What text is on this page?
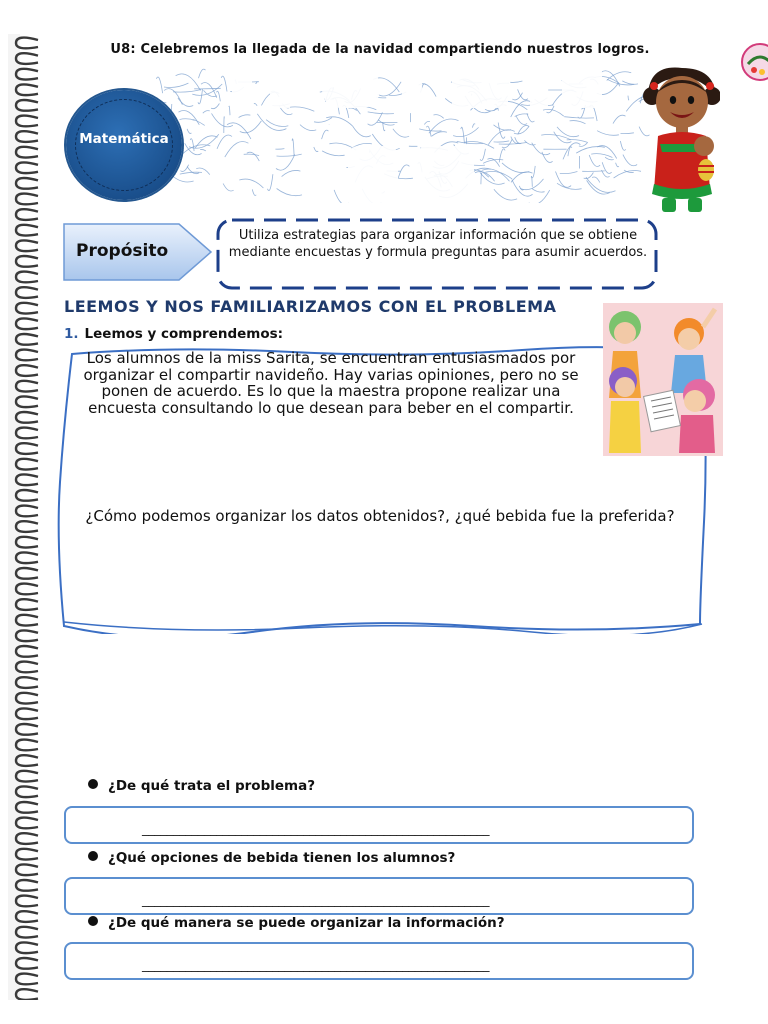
U8: Celebremos la llegada de la navidad compartiendo nuestros logros.
Matemática
Propósito
Utiliza estrategias para organizar información que se obtiene mediante encuestas y formula preguntas para asumir acuerdos.
LEEMOS Y NOS FAMILIARIZAMOS CON EL PROBLEMA
1. Leemos y comprendemos:
Los alumnos de la miss Sarita, se encuentran entusiasmados por organizar el compartir navideño. Hay varias opiniones, pero no se ponen de acuerdo. Es lo que la maestra propone realizar una encuesta consultando lo que desean para beber en el compartir.
¿Cómo podemos organizar los datos obtenidos?, ¿qué bebida fue la preferida?
¿De qué trata el problema?
________________________________________________________
¿Qué opciones de bebida tienen los alumnos?
________________________________________________________
¿De qué manera se puede organizar la información?
________________________________________________________
